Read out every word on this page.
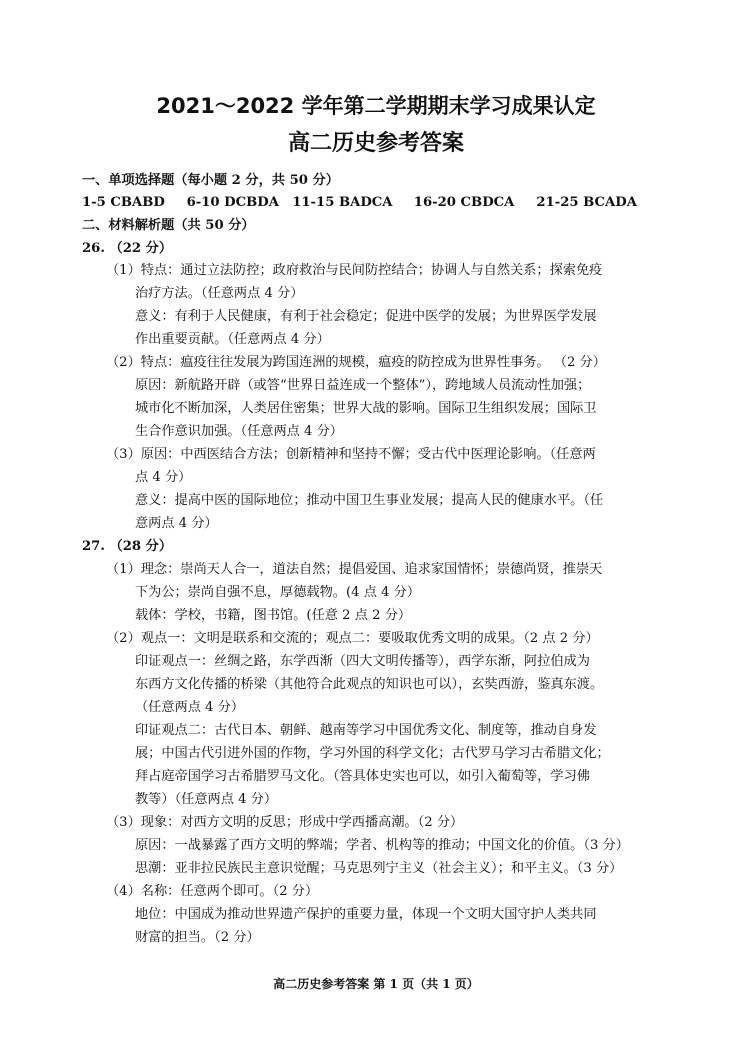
2021～2022 学年第二学期期末学习成果认定
高二历史参考答案
一、单项选择题（每小题 2 分，共 50 分）
1-5 CBABD 6-10 DCBDA 11-15 BADCA 16-20 CBDCA 21-25 BCADA
二、材料解析题（共 50 分）
26. （22 分）
（1）特点：通过立法防控；政府救治与民间防控结合；协调人与自然关系；探索免疫
治疗方法。（任意两点 4 分）
意义：有利于人民健康，有利于社会稳定；促进中医学的发展；为世界医学发展
作出重要贡献。（任意两点 4 分）
（2）特点：瘟疫往往发展为跨国连洲的规模，瘟疫的防控成为世界性事务。 （2 分）
原因：新航路开辟（或答“世界日益连成一个整体”），跨地域人员流动性加强；
城市化不断加深，人类居住密集；世界大战的影响。国际卫生组织发展；国际卫
生合作意识加强。（任意两点 4 分）
（3）原因：中西医结合方法；创新精神和坚持不懈；受古代中医理论影响。（任意两
点 4 分）
意义：提高中医的国际地位；推动中国卫生事业发展；提高人民的健康水平。（任
意两点 4 分）
27. （28 分）
（1）理念：崇尚天人合一，道法自然；提倡爱国、追求家国情怀；崇德尚贤，推崇天
下为公；崇尚自强不息，厚德载物。(4 点 4 分）
载体：学校，书籍，图书馆。(任意 2 点 2 分）
（2）观点一：文明是联系和交流的；观点二：要吸取优秀文明的成果。（2 点 2 分）
印证观点一：丝绸之路，东学西渐（四大文明传播等），西学东渐，阿拉伯成为
东西方文化传播的桥梁（其他符合此观点的知识也可以），玄奘西游，鉴真东渡。
（任意两点 4 分）
印证观点二：古代日本、朝鲜、越南等学习中国优秀文化、制度等，推动自身发
展；中国古代引进外国的作物，学习外国的科学文化；古代罗马学习古希腊文化；
拜占庭帝国学习古希腊罗马文化。（答具体史实也可以，如引入葡萄等，学习佛
教等）（任意两点 4 分）
（3）现象：对西方文明的反思；形成中学西播高潮。（2 分）
原因：一战暴露了西方文明的弊端；学者、机构等的推动；中国文化的价值。（3 分）
思潮：亚非拉民族民主意识觉醒；马克思列宁主义（社会主义）；和平主义。（3 分）
（4）名称：任意两个即可。（2 分）
地位：中国成为推动世界遗产保护的重要力量，体现一个文明大国守护人类共同
财富的担当。（2 分）
高二历史参考答案 第 1 页（共 1 页）
